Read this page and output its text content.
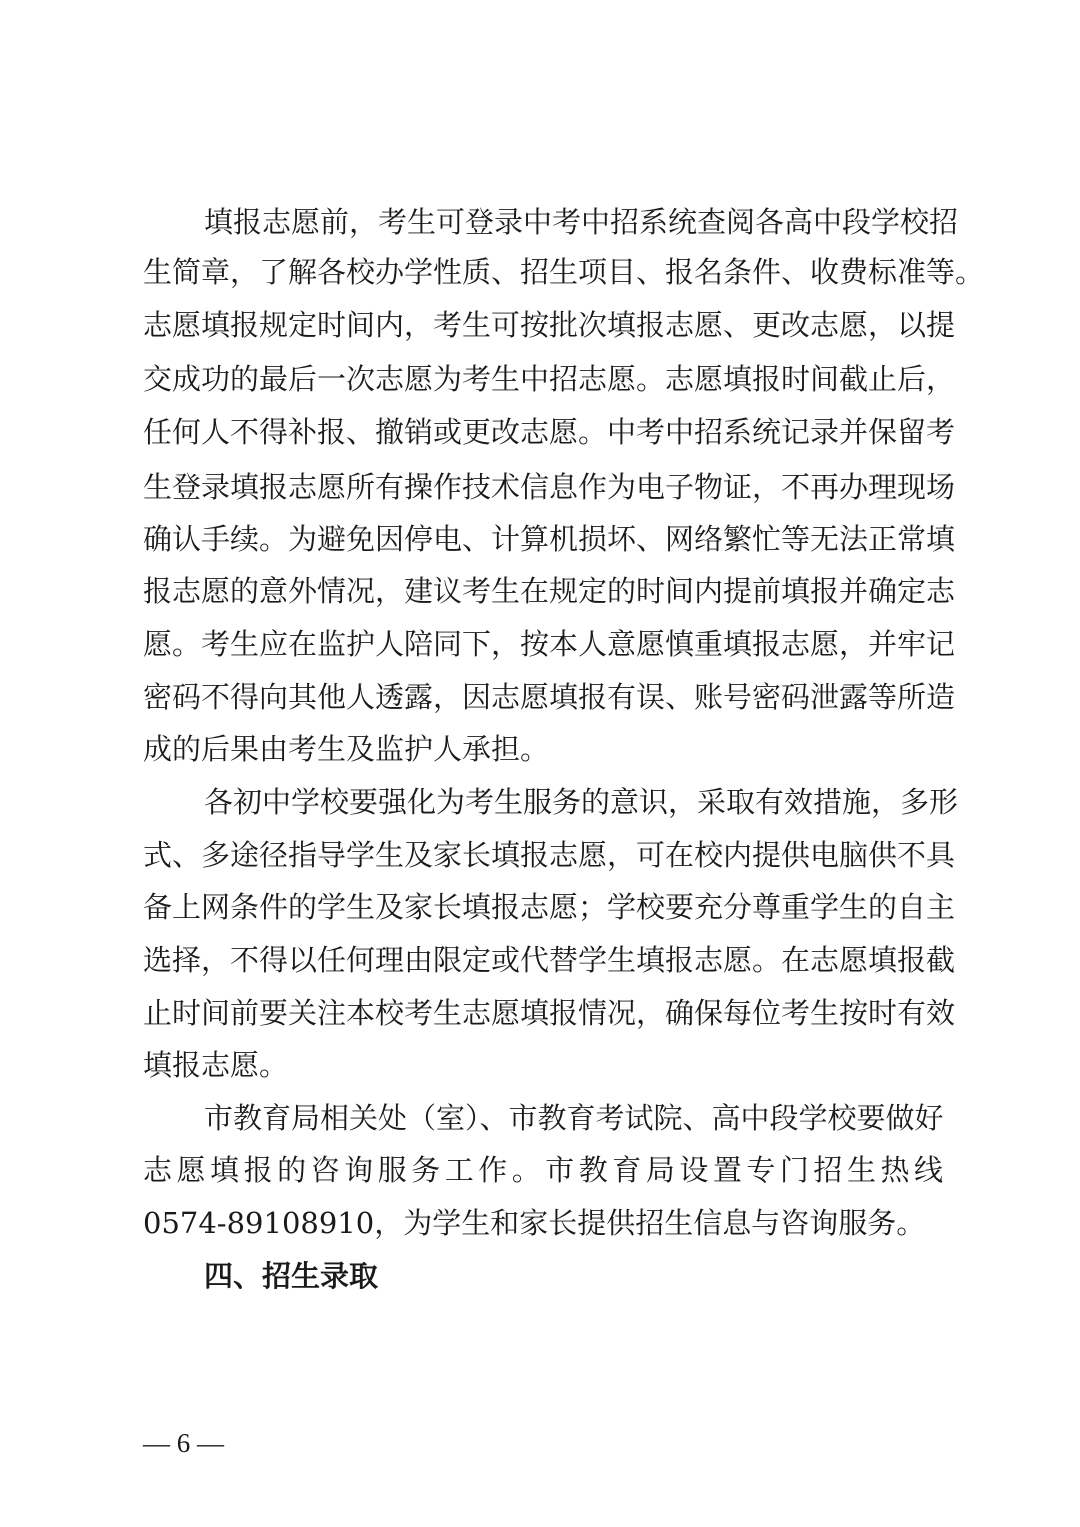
填报志愿前，考生可登录中考中招系统查阅各高中段学校招

生简章，了解各校办学性质、招生项目、报名条件、收费标准等。

志愿填报规定时间内，考生可按批次填报志愿、更改志愿，以提

交成功的最后一次志愿为考生中招志愿。志愿填报时间截止后，

任何人不得补报、撤销或更改志愿。中考中招系统记录并保留考

生登录填报志愿所有操作技术信息作为电子物证，不再办理现场

确认手续。为避免因停电、计算机损坏、网络繁忙等无法正常填

报志愿的意外情况，建议考生在规定的时间内提前填报并确定志

愿。考生应在监护人陪同下，按本人意愿慎重填报志愿，并牢记

密码不得向其他人透露，因志愿填报有误、账号密码泄露等所造

成的后果由考生及监护人承担。

各初中学校要强化为考生服务的意识，采取有效措施，多形

式、多途径指导学生及家长填报志愿，可在校内提供电脑供不具

备上网条件的学生及家长填报志愿；学校要充分尊重学生的自主

选择，不得以任何理由限定或代替学生填报志愿。在志愿填报截

止时间前要关注本校考生志愿填报情况，确保每位考生按时有效

填报志愿。

市教育局相关处（室）、市教育考试院、高中段学校要做好

志愿填报的咨询服务工作。市教育局设置专门招生热线

0574-89108910，为学生和家长提供招生信息与咨询服务。

四、招生录取
— 6 —
